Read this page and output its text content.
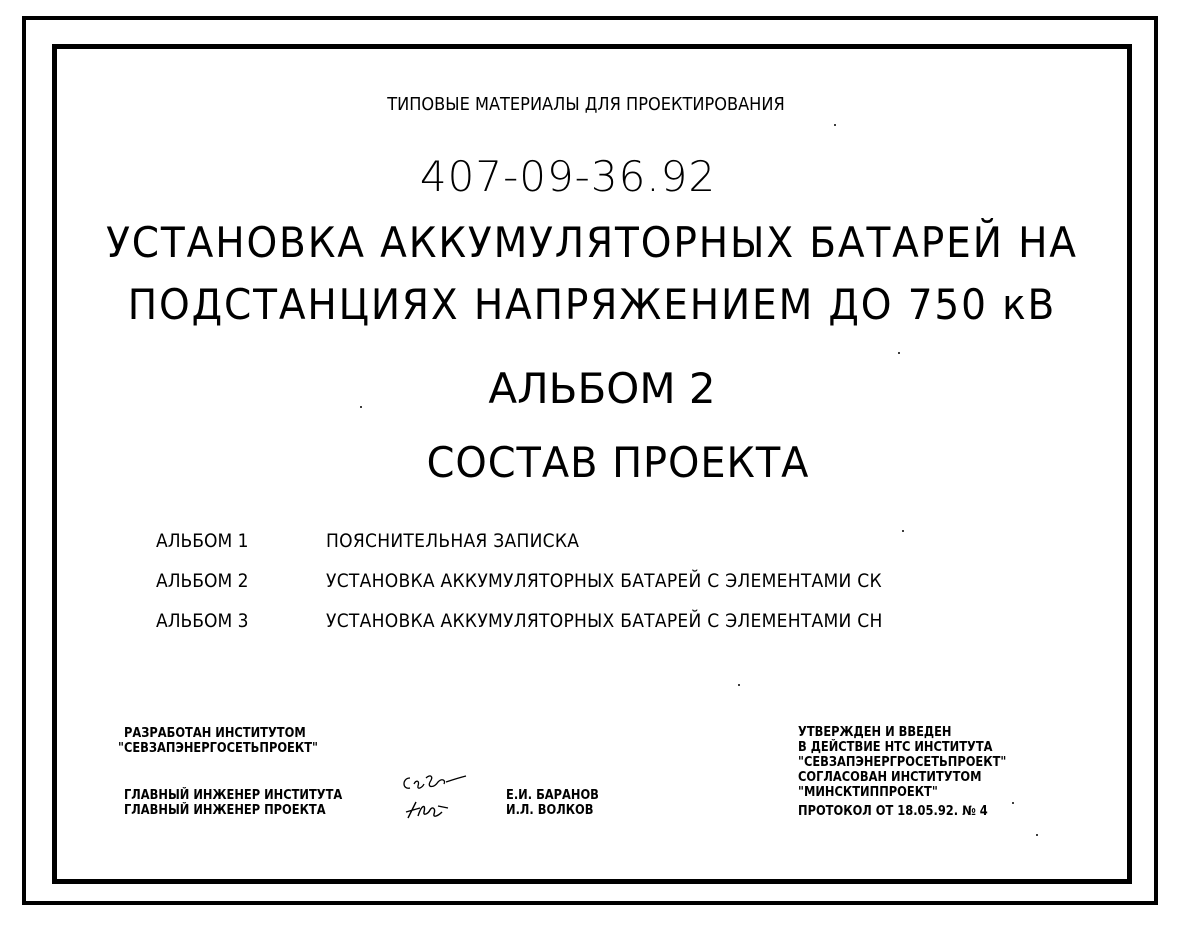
ТИПОВЫЕ МАТЕРИАЛЫ ДЛЯ ПРОЕКТИРОВАНИЯ
407-09-36.92
УСТАНОВКА АККУМУЛЯТОРНЫХ БАТАРЕЙ НА
ПОДСТАНЦИЯХ НАПРЯЖЕНИЕМ ДО 750 кВ
АЛЬБОМ 2
СОСТАВ ПРОЕКТА
АЛЬБОМ 1	ПОЯСНИТЕЛЬНАЯ ЗАПИСКА
АЛЬБОМ 2	УСТАНОВКА АККУМУЛЯТОРНЫХ БАТАРЕЙ С ЭЛЕМЕНТАМИ СК
АЛЬБОМ 3	УСТАНОВКА АККУМУЛЯТОРНЫХ БАТАРЕЙ С ЭЛЕМЕНТАМИ СН
РАЗРАБОТАН ИНСТИТУТОМ
"СЕВЗАПЭНЕРГОСЕТЬПРОЕКТ"
ГЛАВНЫЙ ИНЖЕНЕР ИНСТИТУТА
ГЛАВНЫЙ ИНЖЕНЕР ПРОЕКТА
Е.И. БАРАНОВ
И.Л. ВОЛКОВ
УТВЕРЖДЕН И ВВЕДЕН
В ДЕЙСТВИЕ НТС ИНСТИТУТА
"СЕВЗАПЭНЕРГРОСЕТЬПРОЕКТ"
СОГЛАСОВАН ИНСТИТУТОМ
"МИНСКТИППРОЕКТ"
ПРОТОКОЛ ОТ 18.05.92. № 4
